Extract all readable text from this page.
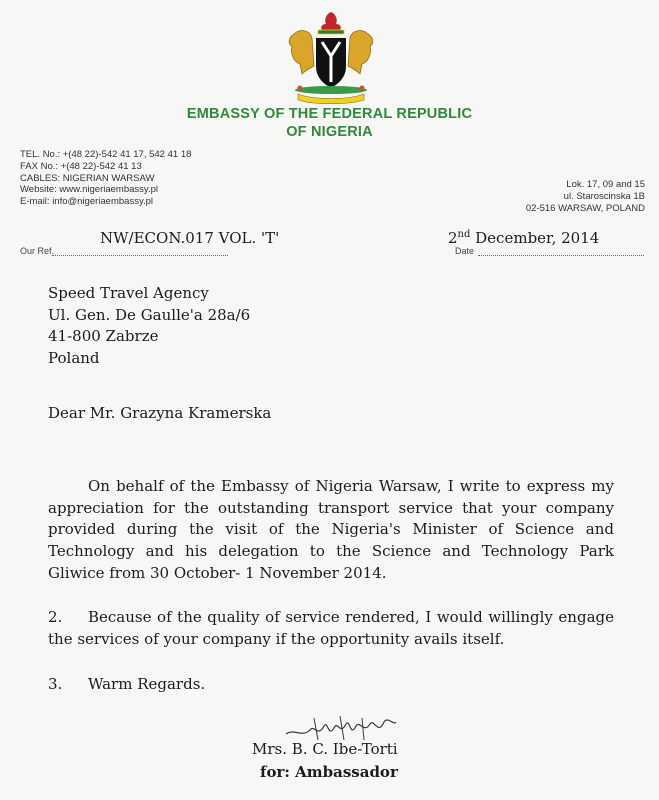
EMBASSY OF THE FEDERAL REPUBLIC
OF NIGERIA
TEL. No.: +(48 22)-542 41 17, 542 41 18
FAX No.: +(48 22)-542 41 13
CABLES: NIGERIAN WARSAW
Website: www.nigeriaembassy.pl
E-mail: info@nigeriaembassy.pl
Lok. 17, 09 and 15
ul. Staroscinska 1B
02-516 WARSAW, POLAND
NW/ECON.017 VOL. 'T'	2nd December, 2014
Our Ref.	Date
Speed Travel Agency
Ul. Gen. De Gaulle'a 28a/6
41-800 Zabrze
Poland
Dear Mr. Grazyna Kramerska
On behalf of the Embassy of Nigeria Warsaw, I write to express my appreciation for the outstanding transport service that your company provided during the visit of the Nigeria's Minister of Science and Technology and his delegation to the Science and Technology Park Gliwice from 30 October- 1 November 2014.
2. Because of the quality of service rendered, I would willingly engage the services of your company if the opportunity avails itself.
3. Warm Regards.
Mrs. B. C. Ibe-Torti
for: Ambassador
